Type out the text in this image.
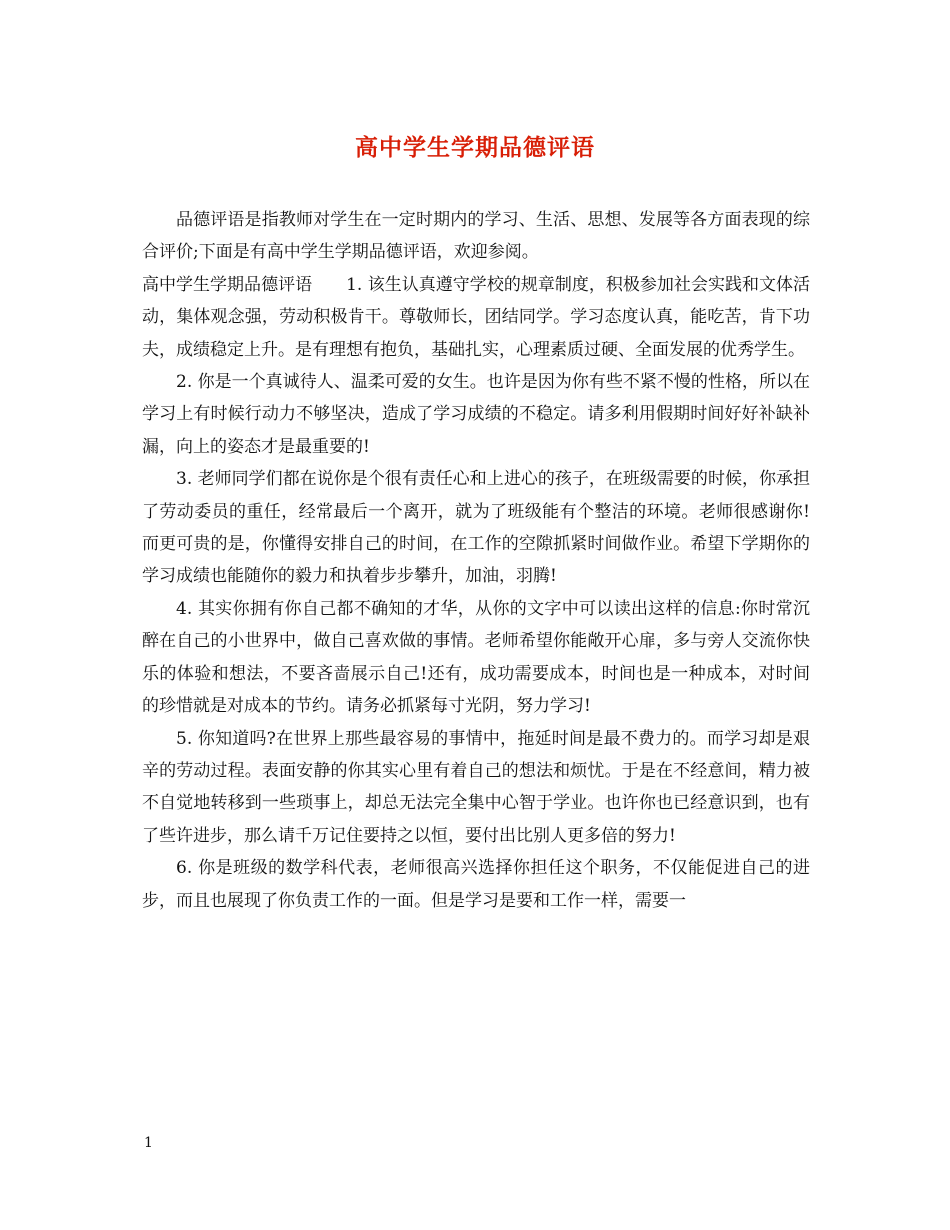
高中学生学期品德评语

品德评语是指教师对学生在一定时期内的学习、生活、思想、发展等各方面表现的综合评价;下面是有高中学生学期品德评语，欢迎参阅。

高中学生学期品德评语 1. 该生认真遵守学校的规章制度，积极参加社会实践和文体活动，集体观念强，劳动积极肯干。尊敬师长，团结同学。学习态度认真，能吃苦，肯下功夫，成绩稳定上升。是有理想有抱负，基础扎实，心理素质过硬、全面发展的优秀学生。

2. 你是一个真诚待人、温柔可爱的女生。也许是因为你有些不紧不慢的性格，所以在学习上有时候行动力不够坚决，造成了学习成绩的不稳定。请多利用假期时间好好补缺补漏，向上的姿态才是最重要的!

3. 老师同学们都在说你是个很有责任心和上进心的孩子，在班级需要的时候，你承担了劳动委员的重任，经常最后一个离开，就为了班级能有个整洁的环境。老师很感谢你!而更可贵的是，你懂得安排自己的时间，在工作的空隙抓紧时间做作业。希望下学期你的学习成绩也能随你的毅力和执着步步攀升，加油，羽腾!

4. 其实你拥有你自己都不确知的才华，从你的文字中可以读出这样的信息:你时常沉醉在自己的小世界中，做自己喜欢做的事情。老师希望你能敞开心扉，多与旁人交流你快乐的体验和想法，不要吝啬展示自己!还有，成功需要成本，时间也是一种成本，对时间的珍惜就是对成本的节约。请务必抓紧每寸光阴，努力学习!

5. 你知道吗?在世界上那些最容易的事情中，拖延时间是最不费力的。而学习却是艰辛的劳动过程。表面安静的你其实心里有着自己的想法和烦忧。于是在不经意间，精力被不自觉地转移到一些琐事上，却总无法完全集中心智于学业。也许你也已经意识到，也有了些许进步，那么请千万记住要持之以恒，要付出比别人更多倍的努力!

6. 你是班级的数学科代表，老师很高兴选择你担任这个职务，不仅能促进自己的进步，而且也展现了你负责工作的一面。但是学习是要和工作一样，需要一

1
